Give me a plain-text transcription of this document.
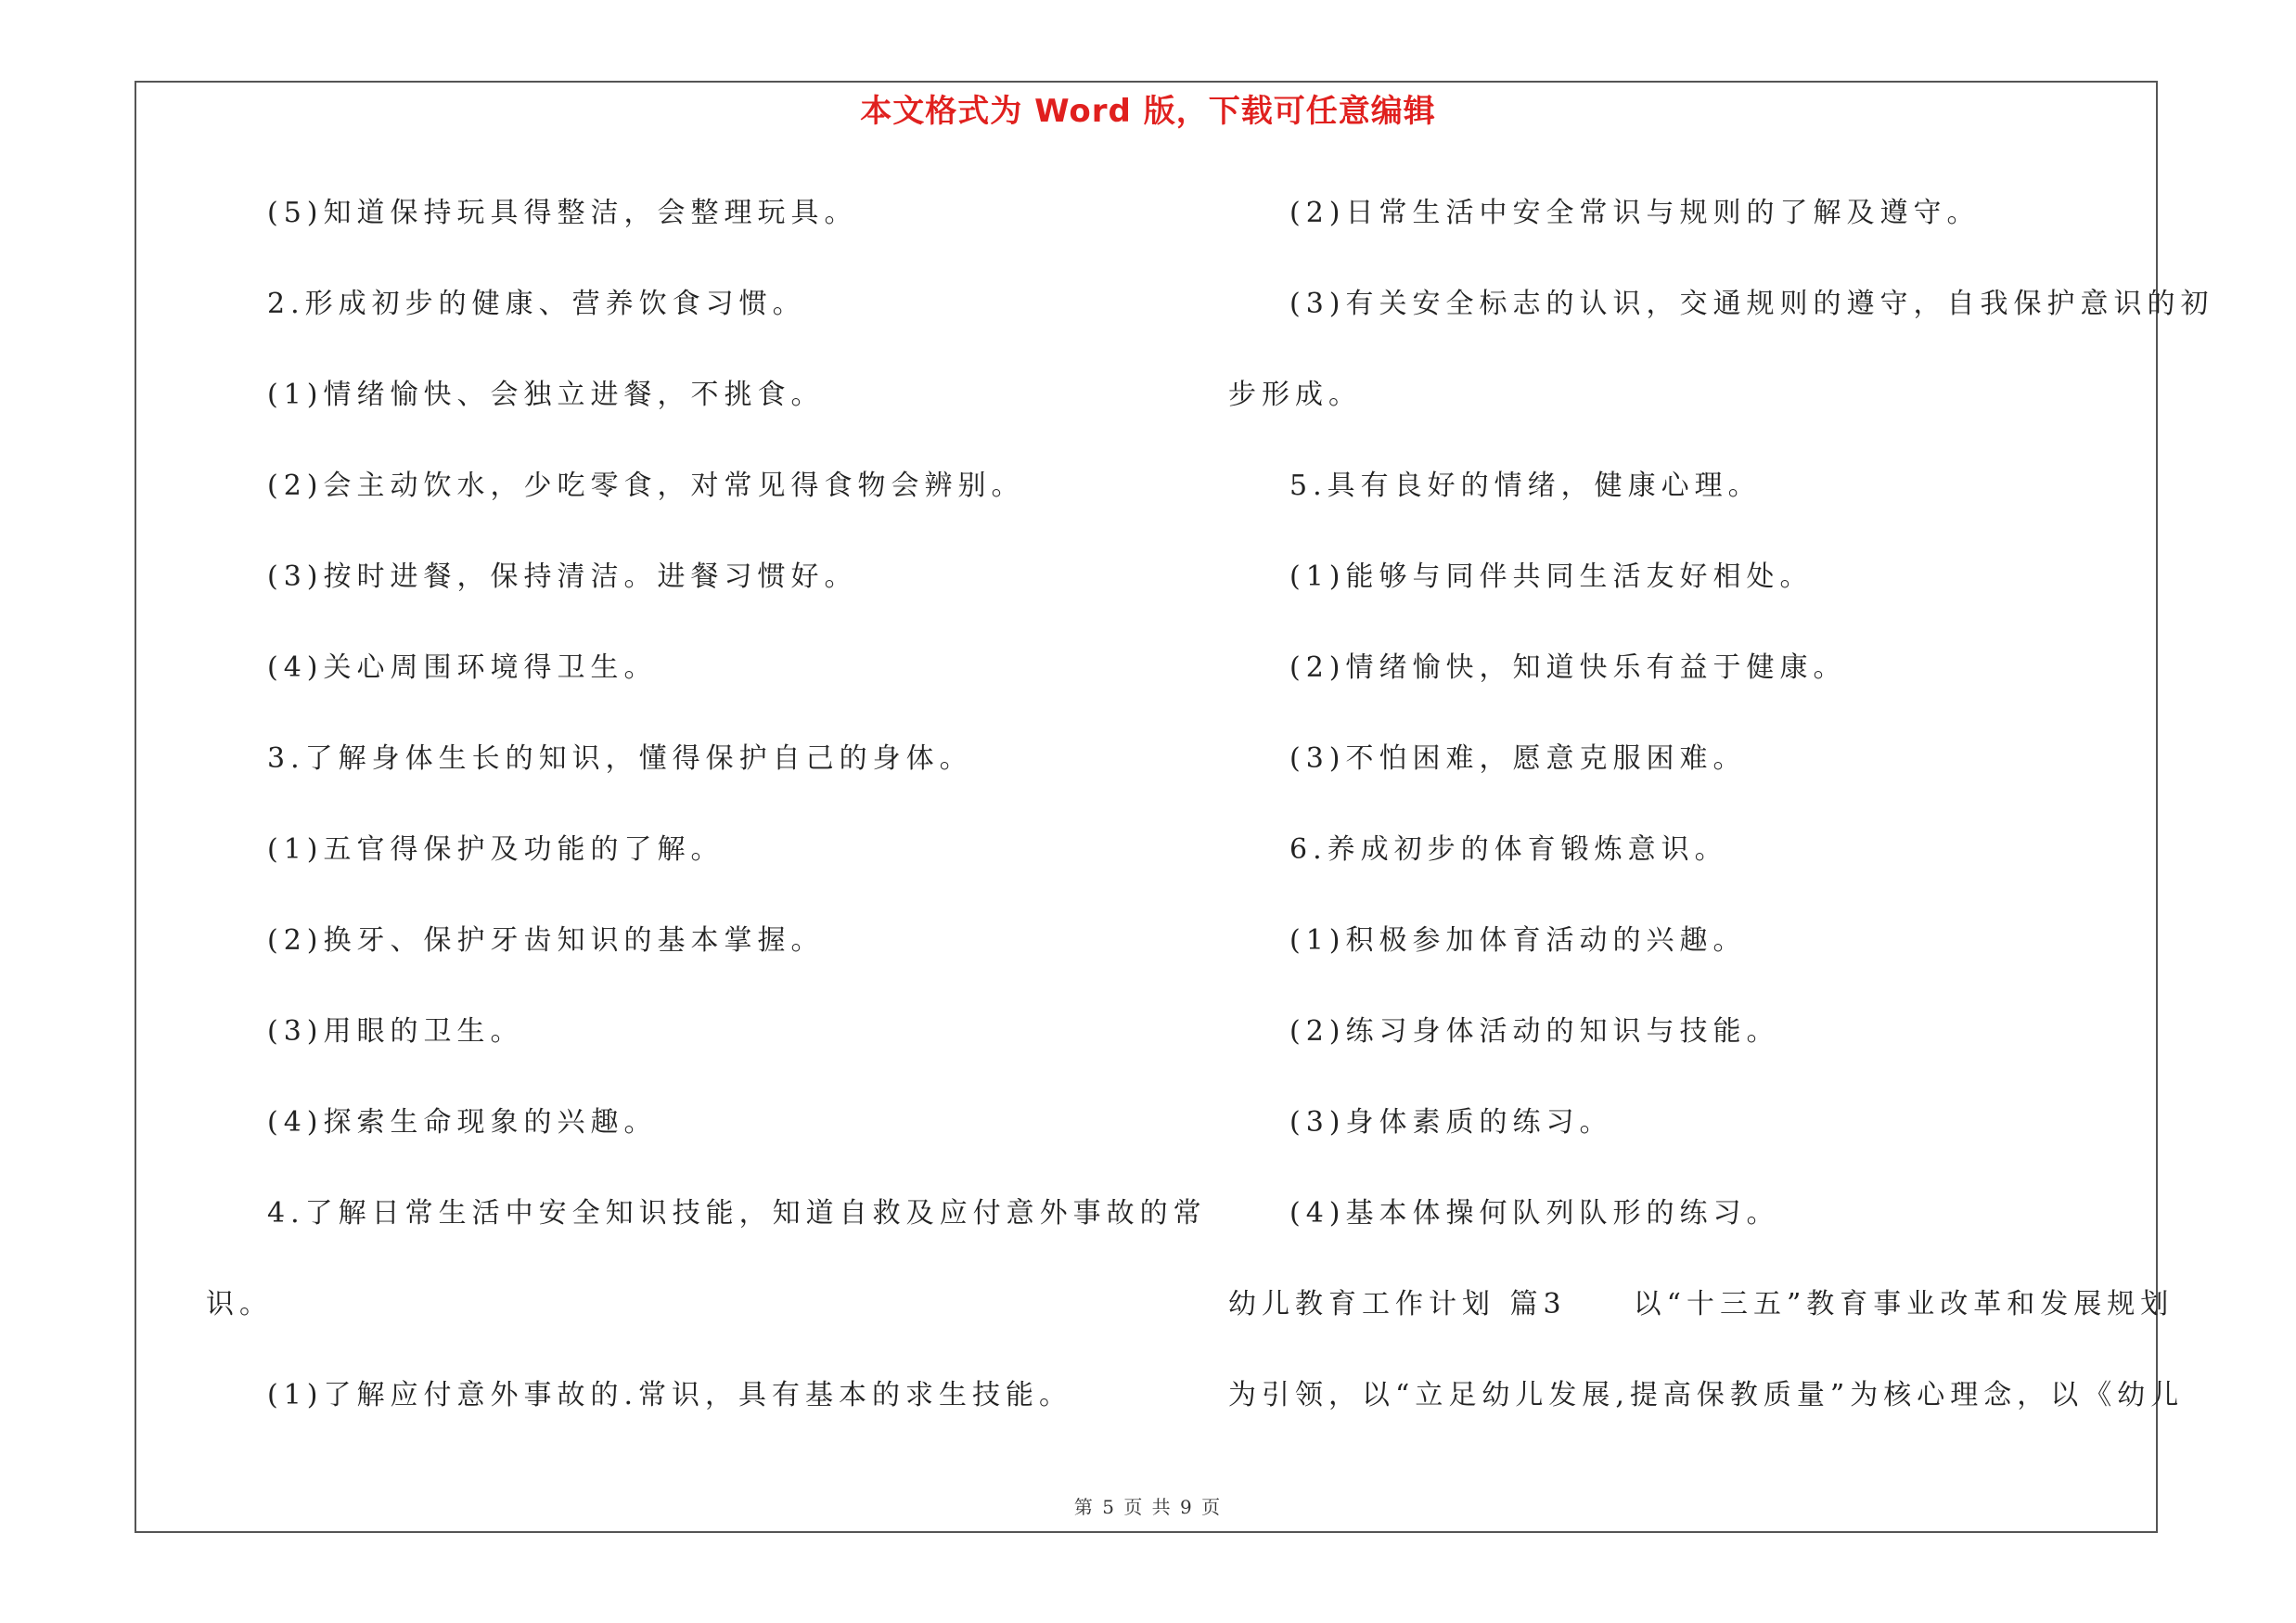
本文格式为 Word 版，下载可任意编辑
(5)知道保持玩具得整洁，会整理玩具。
2.形成初步的健康、营养饮食习惯。
(1)情绪愉快、会独立进餐，不挑食。
(2)会主动饮水，少吃零食，对常见得食物会辨别。
(3)按时进餐，保持清洁。进餐习惯好。
(4)关心周围环境得卫生。
3.了解身体生长的知识，懂得保护自己的身体。
(1)五官得保护及功能的了解。
(2)换牙、保护牙齿知识的基本掌握。
(3)用眼的卫生。
(4)探索生命现象的兴趣。
4.了解日常生活中安全知识技能，知道自救及应付意外事故的常
识。
(1)了解应付意外事故的.常识，具有基本的求生技能。
(2)日常生活中安全常识与规则的了解及遵守。
(3)有关安全标志的认识，交通规则的遵守，自我保护意识的初
步形成。
5.具有良好的情绪，健康心理。
(1)能够与同伴共同生活友好相处。
(2)情绪愉快，知道快乐有益于健康。
(3)不怕困难，愿意克服困难。
6.养成初步的体育锻炼意识。
(1)积极参加体育活动的兴趣。
(2)练习身体活动的知识与技能。
(3)身体素质的练习。
(4)基本体操何队列队形的练习。
幼儿教育工作计划 篇3　　以“十三五”教育事业改革和发展规划
为引领，以“立足幼儿发展,提高保教质量”为核心理念，以《幼儿
第 5 页 共 9 页
